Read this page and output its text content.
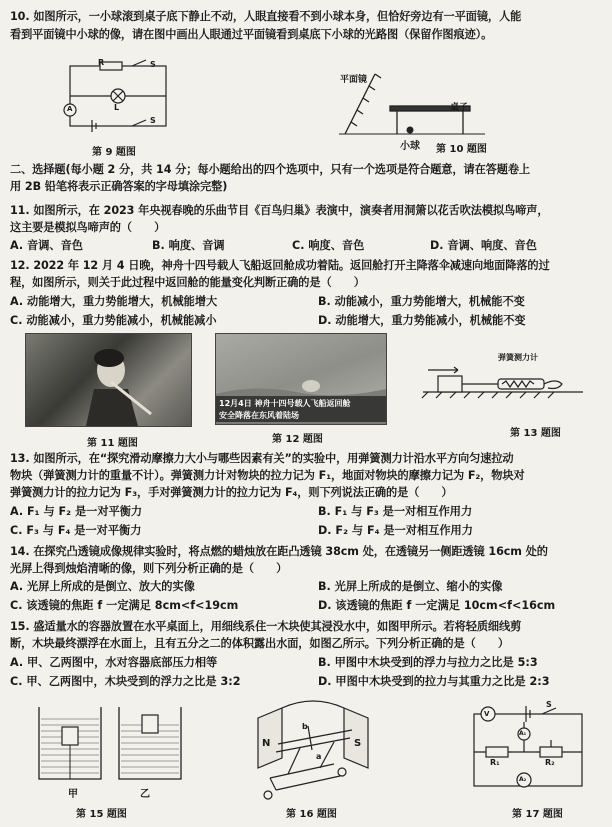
10. 如图所示，一小球滚到桌子底下静止不动，人眼直接看不到小球本身，但恰好旁边有一平面镜，人能
看到平面镜中小球的像，请在图中画出人眼通过平面镜看到桌底下小球的光路图（保留作图痕迹）。
R	S
L
S
A
第 9 题图
平面镜
桌子
小球 第 10 题图
二、选择题(每小题 2 分，共 14 分；每小题给出的四个选项中，只有一个选项是符合题意，请在答题卷上
用 2B 铅笔将表示正确答案的字母填涂完整)
11. 如图所示，在 2023 年央视春晚的乐曲节目《百鸟归巢》表演中，演奏者用洞箫以花舌吹法模拟鸟啼声，
这主要是模拟鸟啼声的（　　）
A. 音调、音色	B. 响度、音调	C. 响度、音色	D. 音调、响度、音色
12. 2022 年 12 月 4 日晚，神舟十四号载人飞船返回舱成功着陆。返回舱打开主降落伞减速向地面降落的过
程，如图所示，则关于此过程中返回舱的能量变化判断正确的是（　　）
A. 动能增大，重力势能增大，机械能增大	B. 动能减小，重力势能增大，机械能不变
C. 动能减小，重力势能减小，机械能减小	D. 动能增大，重力势能减小，机械能不变
12月4日 神舟十四号载人飞船返回舱
安全降落在东风着陆场
弹簧测力计
第 11 题图	第 12 题图
第 13 题图
13. 如图所示，在“探究滑动摩擦力大小与哪些因素有关”的实验中，用弹簧测力计沿水平方向匀速拉动
物块（弹簧测力计的重量不计）。弹簧测力计对物块的拉力记为 F₁，地面对物块的摩擦力记为 F₂，物块对
弹簧测力计的拉力记为 F₃，手对弹簧测力计的拉力记为 F₄，则下列说法正确的是（　　）
A. F₁ 与 F₂ 是一对平衡力	B. F₁ 与 F₃ 是一对相互作用力
C. F₃ 与 F₄ 是一对平衡力	D. F₂ 与 F₄ 是一对相互作用力
14. 在探究凸透镜成像规律实验时，将点燃的蜡烛放在距凸透镜 38cm 处，在透镜另一侧距透镜 16cm 处的
光屏上得到烛焰清晰的像，则下列分析正确的是（　　）
A. 光屏上所成的是倒立、放大的实像	B. 光屏上所成的是倒立、缩小的实像
C. 该透镜的焦距 f 一定满足 8cm<f<19cm	D. 该透镜的焦距 f 一定满足 10cm<f<16cm
15. 盛适量水的容器放置在水平桌面上，用细线系住一木块使其浸没水中，如图甲所示。若将轻质细线剪
断，木块最终漂浮在水面上，且有五分之二的体积露出水面，如图乙所示。下列分析正确的是（　　）
A. 甲、乙两图中，水对容器底部压力相等	B. 甲图中木块受到的浮力与拉力之比是 5:3
C. 甲、乙两图中，木块受到的浮力之比是 3:2	D. 甲图中木块受到的拉力与其重力之比是 2:3
甲	乙
第 15 题图
N	S
b
a
第 16 题图
V
A₁
A₂
S
R₁	R₂
第 17 题图
